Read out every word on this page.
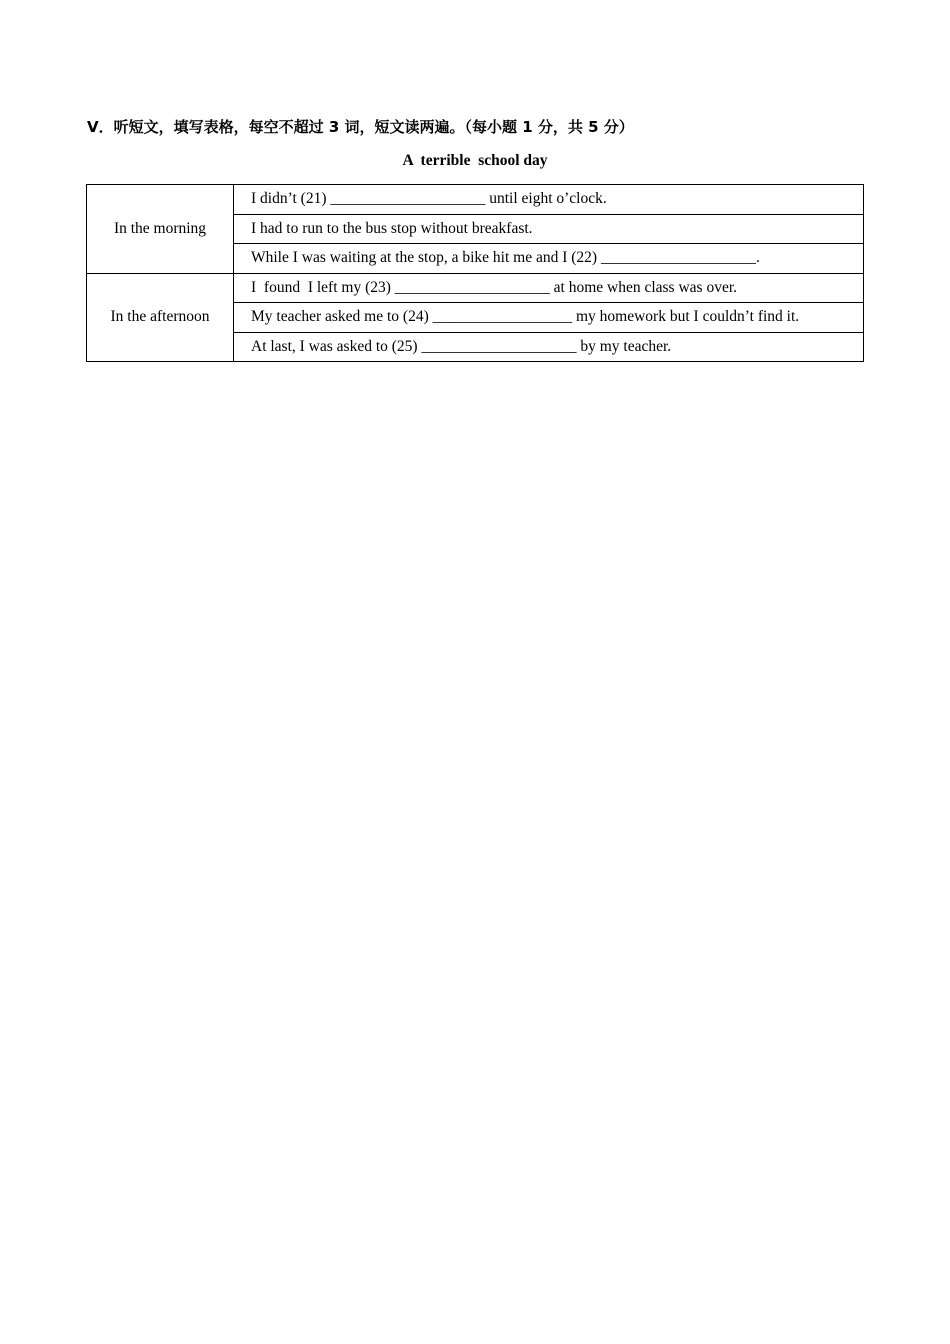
V．听短文，填写表格，每空不超过 3 词，短文读两遍。（每小题 1 分，共 5 分）
A  terrible  school day
In the morning	I didn’t (21) ____________________ until eight o’clock.
	I had to run to the bus stop without breakfast.
	While I was waiting at the stop, a bike hit me and I (22) ____________________.
In the afternoon	I  found  I left my (23) ____________________ at home when class was over.
	My teacher asked me to (24) __________________ my homework but I couldn’t find it.
	At last, I was asked to (25) ____________________ by my teacher.
